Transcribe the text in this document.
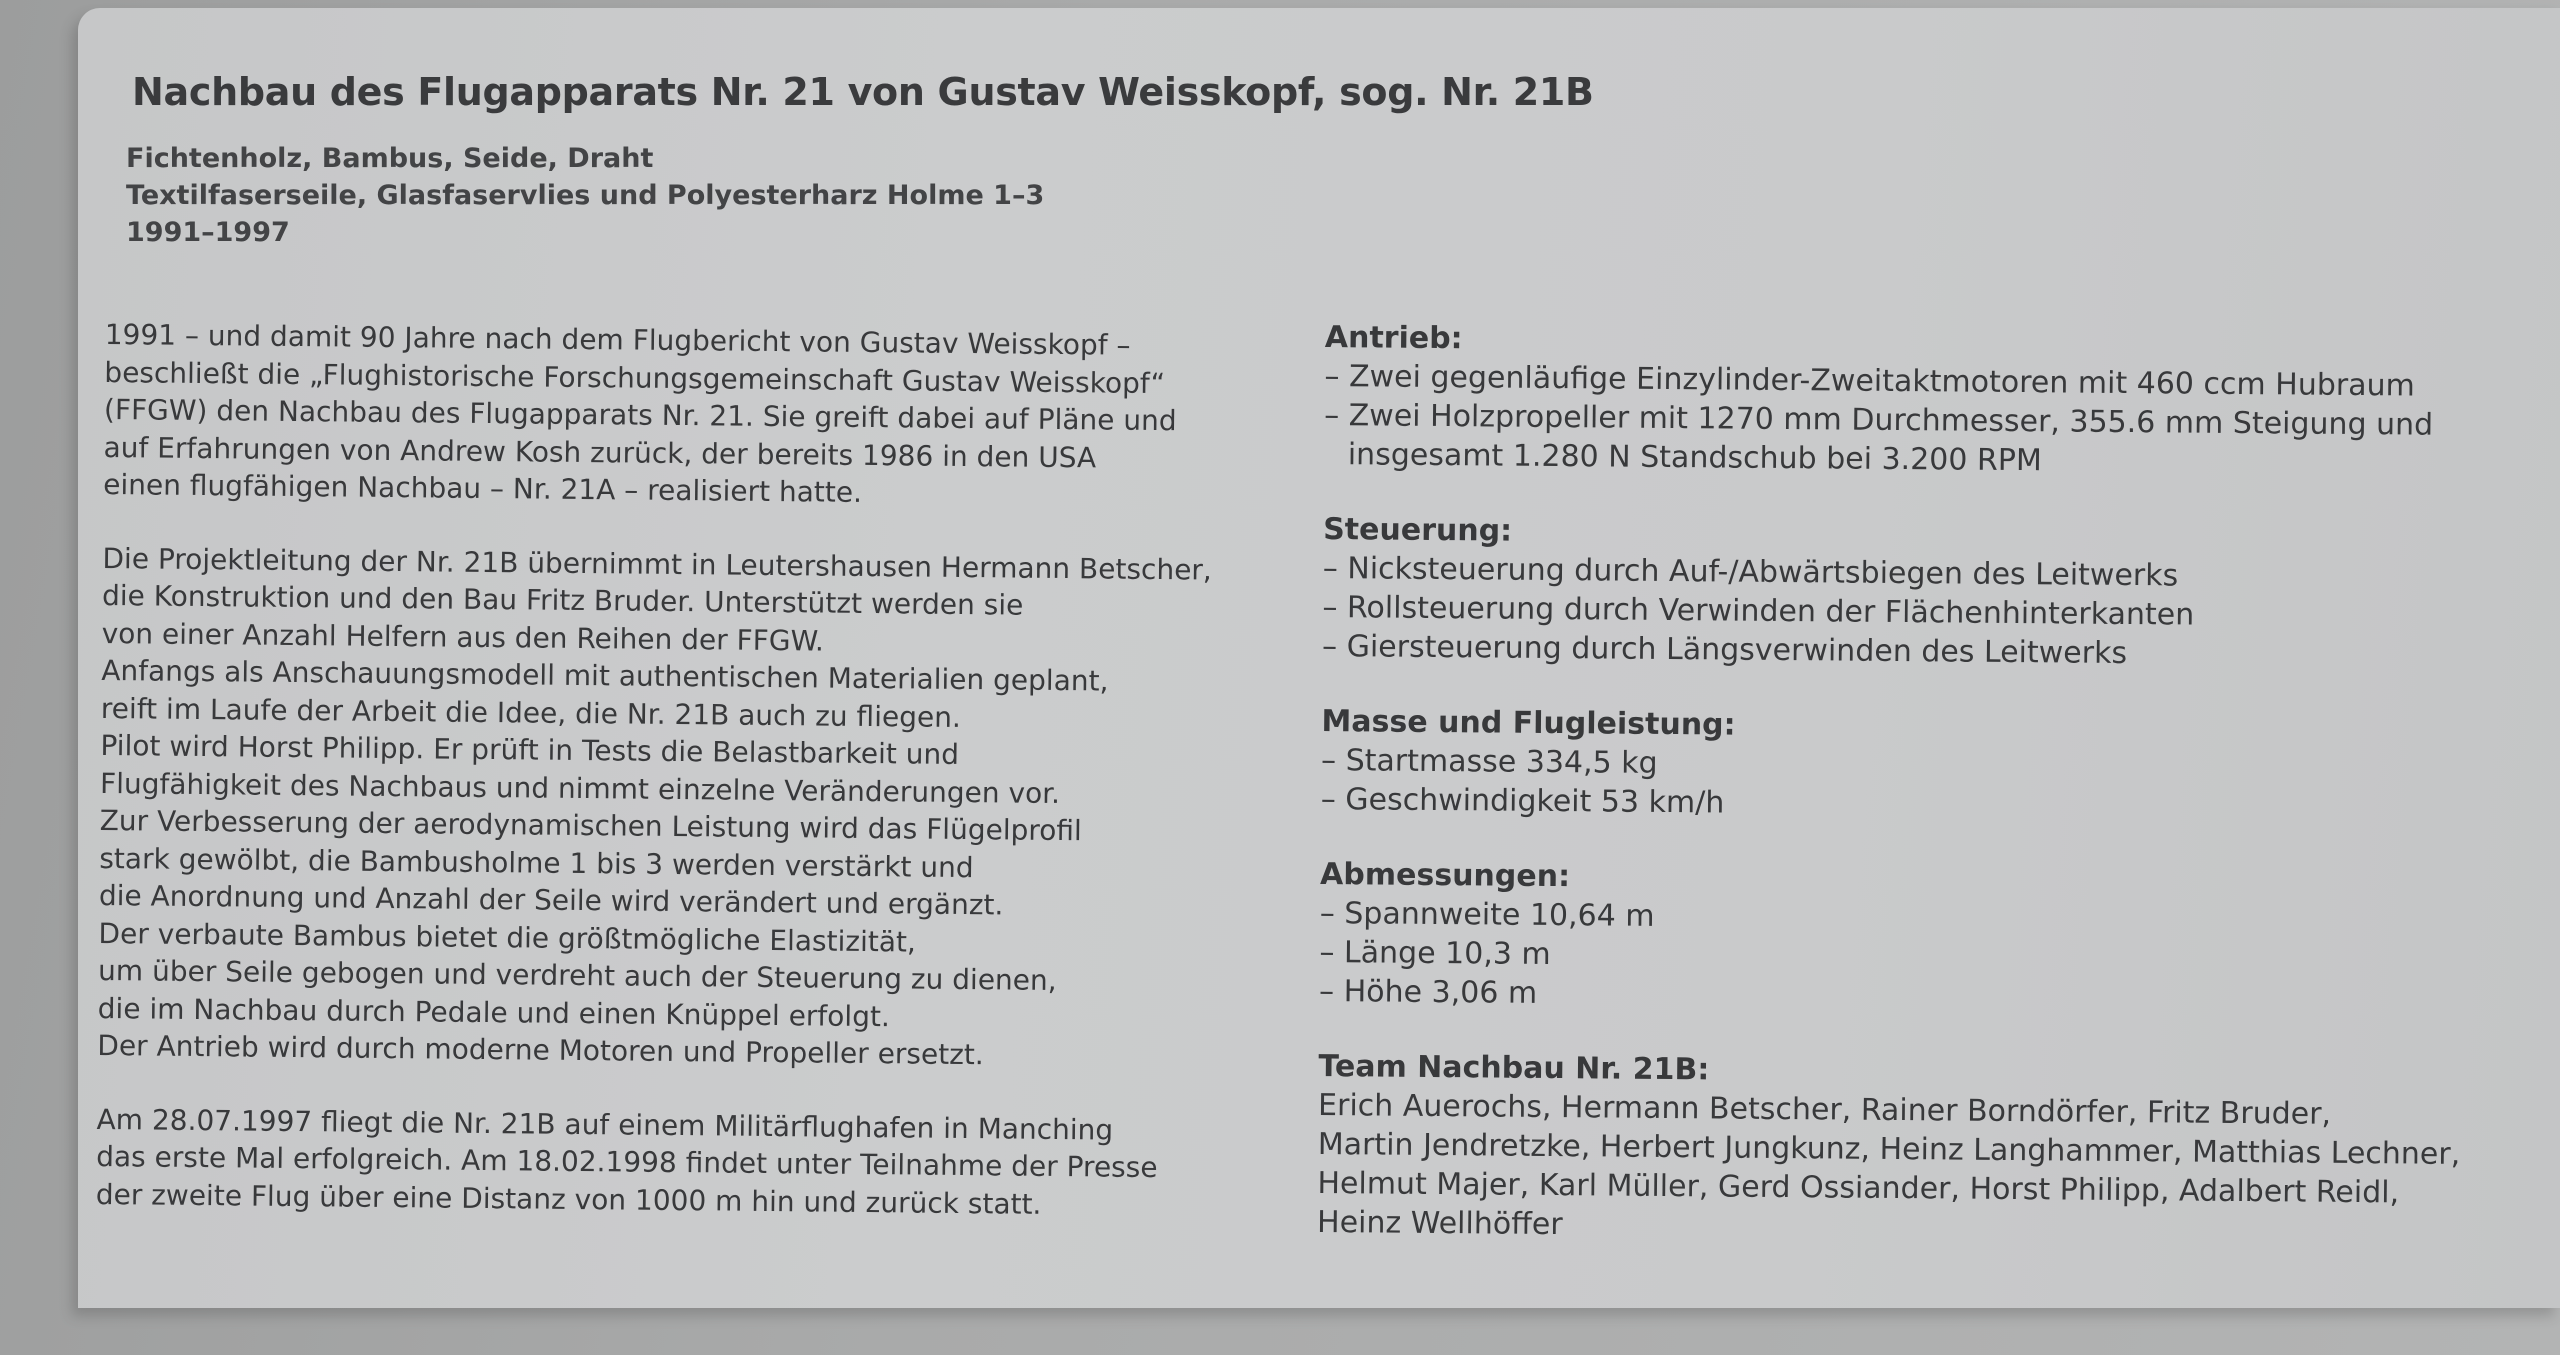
Nachbau des Flugapparats Nr. 21 von Gustav Weisskopf, sog. Nr. 21B
Fichtenholz, Bambus, Seide, Draht
Textilfaserseile, Glasfaservlies und Polyesterharz Holme 1–3
1991–1997

1991 – und damit 90 Jahre nach dem Flugbericht von Gustav Weisskopf –
beschließt die „Flughistorische Forschungsgemeinschaft Gustav Weisskopf“
(FFGW) den Nachbau des Flugapparats Nr. 21. Sie greift dabei auf Pläne und
auf Erfahrungen von Andrew Kosh zurück, der bereits 1986 in den USA
einen flugfähigen Nachbau – Nr. 21A – realisiert hatte.

Die Projektleitung der Nr. 21B übernimmt in Leutershausen Hermann Betscher,
die Konstruktion und den Bau Fritz Bruder. Unterstützt werden sie
von einer Anzahl Helfern aus den Reihen der FFGW.
Anfangs als Anschauungsmodell mit authentischen Materialien geplant,
reift im Laufe der Arbeit die Idee, die Nr. 21B auch zu fliegen.
Pilot wird Horst Philipp. Er prüft in Tests die Belastbarkeit und
Flugfähigkeit des Nachbaus und nimmt einzelne Veränderungen vor.
Zur Verbesserung der aerodynamischen Leistung wird das Flügelprofil
stark gewölbt, die Bambusholme 1 bis 3 werden verstärkt und
die Anordnung und Anzahl der Seile wird verändert und ergänzt.
Der verbaute Bambus bietet die größtmögliche Elastizität,
um über Seile gebogen und verdreht auch der Steuerung zu dienen,
die im Nachbau durch Pedale und einen Knüppel erfolgt.
Der Antrieb wird durch moderne Motoren und Propeller ersetzt.

Am 28.07.1997 fliegt die Nr. 21B auf einem Militärflughafen in Manching
das erste Mal erfolgreich. Am 18.02.1998 findet unter Teilnahme der Presse
der zweite Flug über eine Distanz von 1000 m hin und zurück statt.

Antrieb:
– Zwei gegenläufige Einzylinder-Zweitaktmotoren mit 460 ccm Hubraum
– Zwei Holzpropeller mit 1270 mm Durchmesser, 355.6 mm Steigung und
insgesamt 1.280 N Standschub bei 3.200 RPM
Steuerung:
– Nicksteuerung durch Auf-/Abwärtsbiegen des Leitwerks
– Rollsteuerung durch Verwinden der Flächenhinterkanten
– Giersteuerung durch Längsverwinden des Leitwerks
Masse und Flugleistung:
– Startmasse 334,5 kg
– Geschwindigkeit 53 km/h
Abmessungen:
– Spannweite 10,64 m
– Länge 10,3 m
– Höhe 3,06 m
Team Nachbau Nr. 21B:
Erich Auerochs, Hermann Betscher, Rainer Borndörfer, Fritz Bruder,
Martin Jendretzke, Herbert Jungkunz, Heinz Langhammer, Matthias Lechner,
Helmut Majer, Karl Müller, Gerd Ossiander, Horst Philipp, Adalbert Reidl,
Heinz Wellhöffer
